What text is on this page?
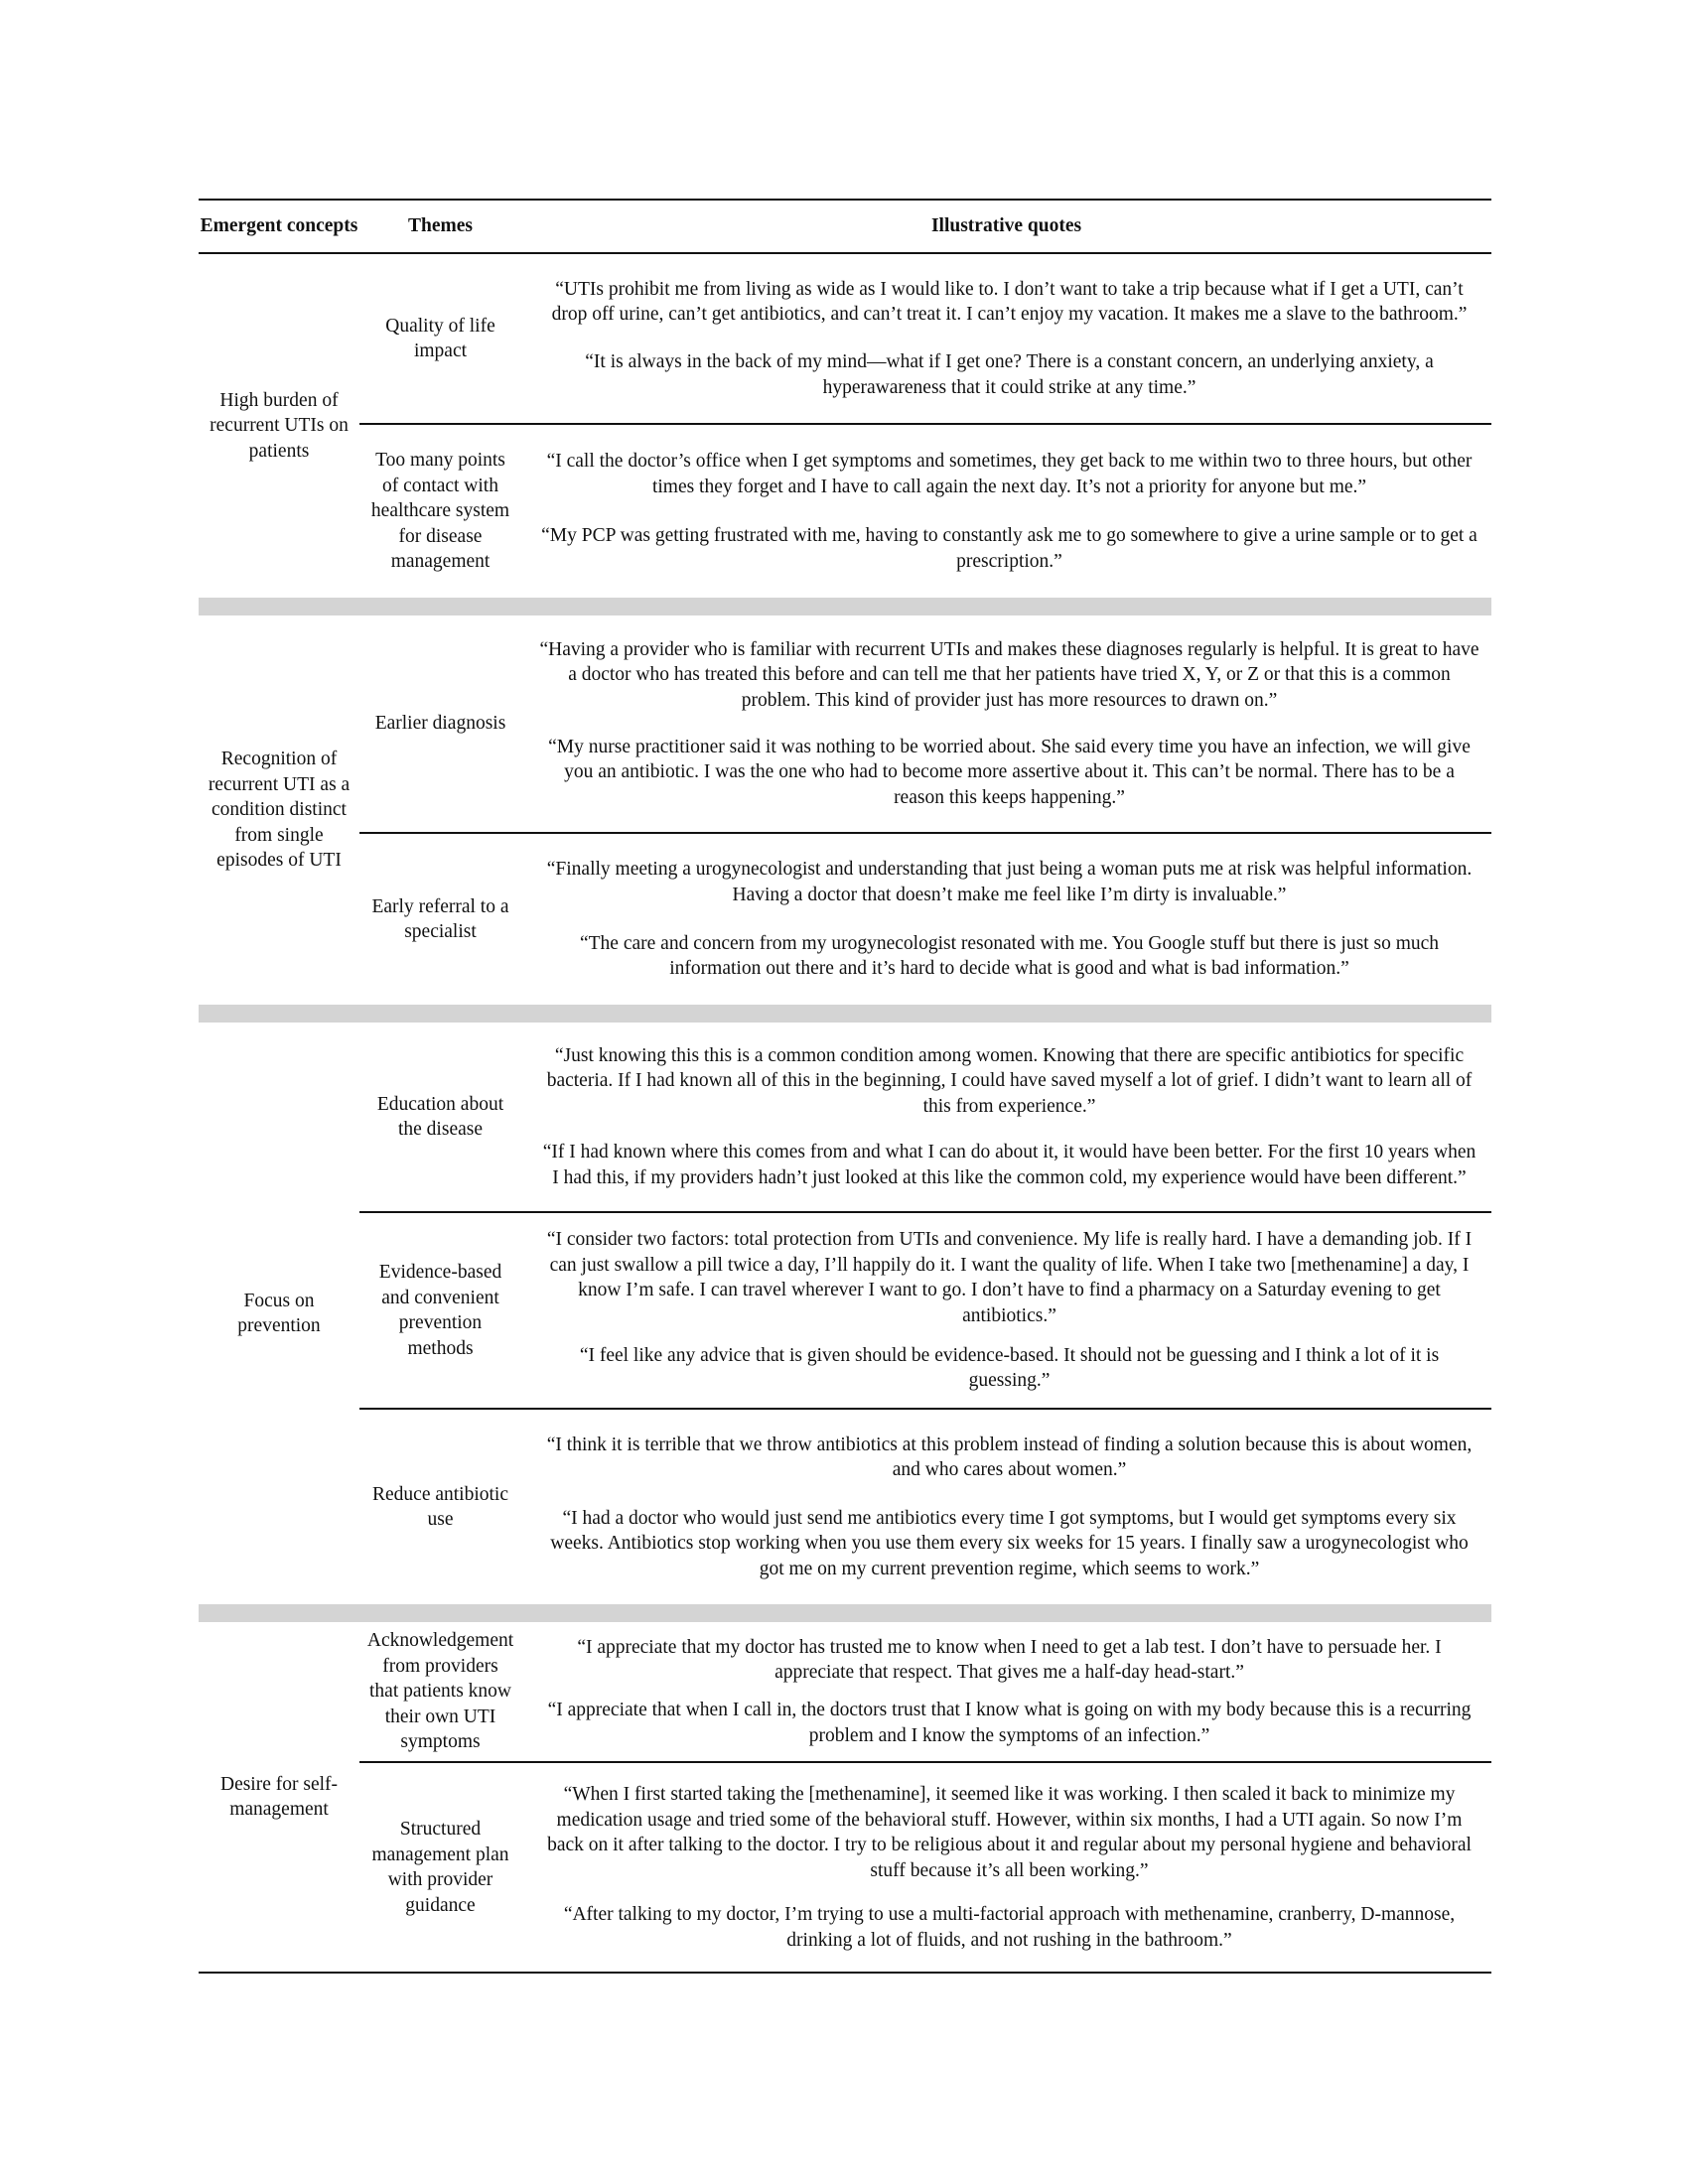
Emergent concepts	Themes	Illustrative quotes
High burden of recurrent UTIs on patients
Quality of life impact
“UTIs prohibit me from living as wide as I would like to. I don’t want to take a trip because what if I get a UTI, can’t drop off urine, can’t get antibiotics, and can’t treat it. I can’t enjoy my vacation. It makes me a slave to the bathroom.”
“It is always in the back of my mind—what if I get one? There is a constant concern, an underlying anxiety, a hyperawareness that it could strike at any time.”
Too many points of contact with healthcare system for disease management
“I call the doctor’s office when I get symptoms and sometimes, they get back to me within two to three hours, but other times they forget and I have to call again the next day. It’s not a priority for anyone but me.”
“My PCP was getting frustrated with me, having to constantly ask me to go somewhere to give a urine sample or to get a prescription.”
Recognition of recurrent UTI as a condition distinct from single episodes of UTI
Earlier diagnosis
“Having a provider who is familiar with recurrent UTIs and makes these diagnoses regularly is helpful. It is great to have a doctor who has treated this before and can tell me that her patients have tried X, Y, or Z or that this is a common problem. This kind of provider just has more resources to drawn on.”
“My nurse practitioner said it was nothing to be worried about. She said every time you have an infection, we will give you an antibiotic. I was the one who had to become more assertive about it. This can’t be normal. There has to be a reason this keeps happening.”
Early referral to a specialist
“Finally meeting a urogynecologist and understanding that just being a woman puts me at risk was helpful information. Having a doctor that doesn’t make me feel like I’m dirty is invaluable.”
“The care and concern from my urogynecologist resonated with me. You Google stuff but there is just so much information out there and it’s hard to decide what is good and what is bad information.”
Focus on prevention
Education about the disease
“Just knowing this this is a common condition among women. Knowing that there are specific antibiotics for specific bacteria. If I had known all of this in the beginning, I could have saved myself a lot of grief. I didn’t want to learn all of this from experience.”
“If I had known where this comes from and what I can do about it, it would have been better. For the first 10 years when I had this, if my providers hadn’t just looked at this like the common cold, my experience would have been different.”
Evidence-based and convenient prevention methods
“I consider two factors: total protection from UTIs and convenience. My life is really hard. I have a demanding job. If I can just swallow a pill twice a day, I’ll happily do it. I want the quality of life. When I take two [methenamine] a day, I know I’m safe. I can travel wherever I want to go. I don’t have to find a pharmacy on a Saturday evening to get antibiotics.”
“I feel like any advice that is given should be evidence-based. It should not be guessing and I think a lot of it is guessing.”
Reduce antibiotic use
“I think it is terrible that we throw antibiotics at this problem instead of finding a solution because this is about women, and who cares about women.”
“I had a doctor who would just send me antibiotics every time I got symptoms, but I would get symptoms every six weeks. Antibiotics stop working when you use them every six weeks for 15 years. I finally saw a urogynecologist who got me on my current prevention regime, which seems to work.”
Desire for self-management
Acknowledgement from providers that patients know their own UTI symptoms
“I appreciate that my doctor has trusted me to know when I need to get a lab test. I don’t have to persuade her. I appreciate that respect. That gives me a half-day head-start.”
“I appreciate that when I call in, the doctors trust that I know what is going on with my body because this is a recurring problem and I know the symptoms of an infection.”
Structured management plan with provider guidance
“When I first started taking the [methenamine], it seemed like it was working. I then scaled it back to minimize my medication usage and tried some of the behavioral stuff. However, within six months, I had a UTI again. So now I’m back on it after talking to the doctor. I try to be religious about it and regular about my personal hygiene and behavioral stuff because it’s all been working.”
“After talking to my doctor, I’m trying to use a multi-factorial approach with methenamine, cranberry, D-mannose, drinking a lot of fluids, and not rushing in the bathroom.”
